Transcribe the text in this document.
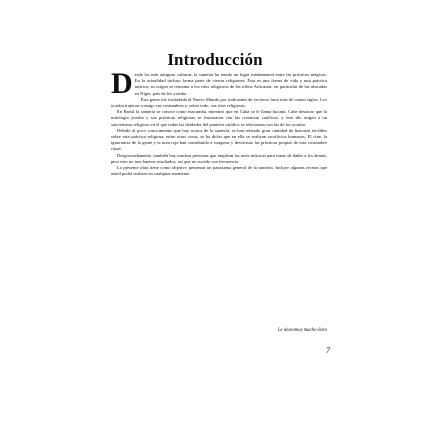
Introducción

Desde las más antiguas culturas, la santería ha tenido un lugar fundamental entre las prácticas mágicas. En la actualidad incluso forma parte de ciertas religiones. Ésta es una forma de vida y una práctica mística; su origen se remonta a los ritos religiosos de las tribus Africanas, en particular de las ubicadas en Níger, país de los yoruba.

Esta gente fue trasladada al Nuevo Mundo por traficantes de esclavos hace más de cuatro siglos. Los yoruba trajeron consigo sus costumbres y, sobre todo, sus ritos religiosos.

En Brasil la santería se conoce como macumba, mientras que en Cuba se le llama lucumí. Cabe destacar que la mitología yoruba y sus prácticas religiosas se fusionaron con las creencias católicas, y esto dio origen a un sincretismo religioso en el que todas las deidades del panteón católico se relacionan con las de los yoruba.

Debido al poco conocimiento que hay acerca de la santería, se han relatado gran cantidad de historias terribles sobre esta práctica religiosa; entre otras cosas, se ha dicho que en ella se realizan sacrificios humanos. El cine, la ignorancia de la gente y la nota roja han contribuido a exagerar y desvirtuar las prácticas propias de esta costumbre ritual.

Desgraciadamente, también hay muchas personas que emplean las artes místicas para tratar de dañar a los demás, pero esto no trae buenos resultados, así que no sucede con frecuencia.

La presente obra tiene como objetivo presentar un panorama general de la santería. Incluye algunas recetas que usted podrá realizar en cualquier momento.

Le deseamos mucho éxito
7
